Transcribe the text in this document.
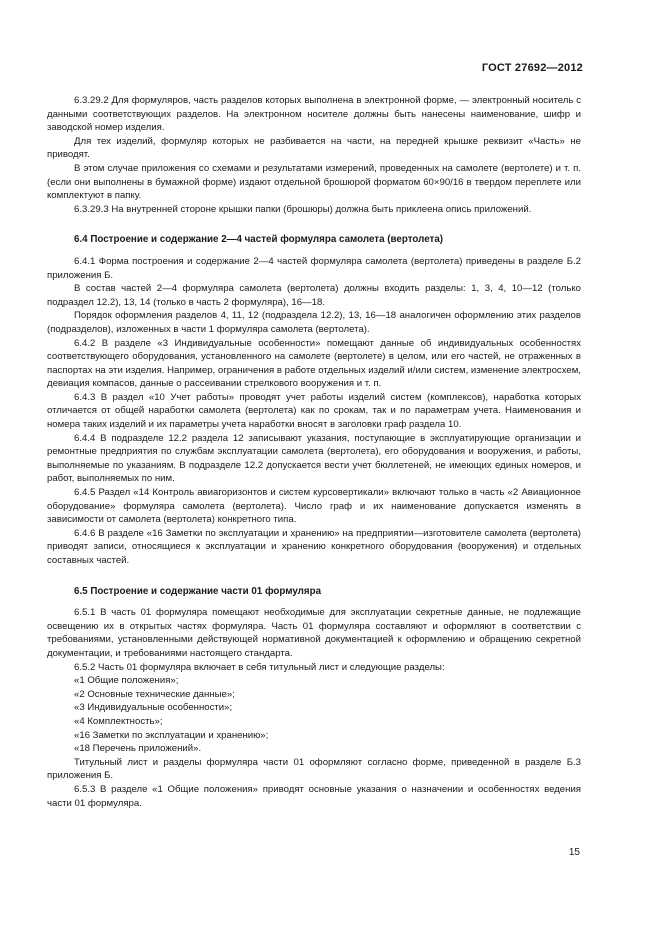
ГОСТ 27692—2012

6.3.29.2 Для формуляров, часть разделов которых выполнена в электронной форме, — электронный носитель с данными соответствующих разделов. На электронном носителе должны быть нанесены наименование, шифр и заводской номер изделия.

Для тех изделий, формуляр которых не разбивается на части, на передней крышке реквизит «Часть» не приводят.

В этом случае приложения со схемами и результатами измерений, проведенных на самолете (вертолете) и т. п. (если они выполнены в бумажной форме) издают отдельной брошюрой форматом 60×90/16 в твердом переплете или комплектуют в папку.

6.3.29.3 На внутренней стороне крышки папки (брошюры) должна быть приклеена опись приложений.

6.4 Построение и содержание 2—4 частей формуляра самолета (вертолета)

6.4.1 Форма построения и содержание 2—4 частей формуляра самолета (вертолета) приведены в разделе Б.2 приложения Б.

В состав частей 2—4 формуляра самолета (вертолета) должны входить разделы: 1, 3, 4, 10—12 (только подраздел 12.2), 13, 14 (только в часть 2 формуляра), 16—18.

Порядок оформления разделов 4, 11, 12 (подраздела 12.2), 13, 16—18 аналогичен оформлению этих разделов (подразделов), изложенных в части 1 формуляра самолета (вертолета).

6.4.2 В разделе «3 Индивидуальные особенности» помещают данные об индивидуальных особенностях соответствующего оборудования, установленного на самолете (вертолете) в целом, или его частей, не отраженных в паспортах на эти изделия. Например, ограничения в работе отдельных изделий и/или систем, изменение электросхем, девиация компасов, данные о рассеивании стрелкового вооружения и т. п.

6.4.3 В раздел «10 Учет работы» проводят учет работы изделий систем (комплексов), наработка которых отличается от общей наработки самолета (вертолета) как по срокам, так и по параметрам учета. Наименования и номера таких изделий и их параметры учета наработки вносят в заголовки граф раздела 10.

6.4.4 В подразделе 12.2 раздела 12 записывают указания, поступающие в эксплуатирующие организации и ремонтные предприятия по службам эксплуатации самолета (вертолета), его оборудования и вооружения, и работы, выполняемые по указаниям. В подразделе 12.2 допускается вести учет бюллетеней, не имеющих единых номеров, и работ, выполняемых по ним.

6.4.5 Раздел «14 Контроль авиагоризонтов и систем курсовертикали» включают только в часть «2 Авиационное оборудование» формуляра самолета (вертолета). Число граф и их наименование допускается изменять в зависимости от самолета (вертолета) конкретного типа.

6.4.6 В разделе «16 Заметки по эксплуатации и хранению» на предприятии—изготовителе самолета (вертолета) приводят записи, относящиеся к эксплуатации и хранению конкретного оборудования (вооружения) и отдельных составных частей.

6.5 Построение и содержание части 01 формуляра

6.5.1 В часть 01 формуляра помещают необходимые для эксплуатации секретные данные, не подлежащие освещению их в открытых частях формуляра. Часть 01 формуляра составляют и оформляют в соответствии с требованиями, установленными действующей нормативной документацией к оформлению и обращению секретной документации, и требованиями настоящего стандарта.

6.5.2 Часть 01 формуляра включает в себя титульный лист и следующие разделы:

«1 Общие положения»;

«2 Основные технические данные»;

«3 Индивидуальные особенности»;

«4 Комплектность»;

«16 Заметки по эксплуатации и хранению»;

«18 Перечень приложений».

Титульный лист и разделы формуляра части 01 оформляют согласно форме, приведенной в разделе Б.3 приложения Б.

6.5.3 В разделе «1 Общие положения» приводят основные указания о назначении и особенностях ведения части 01 формуляра.

15
